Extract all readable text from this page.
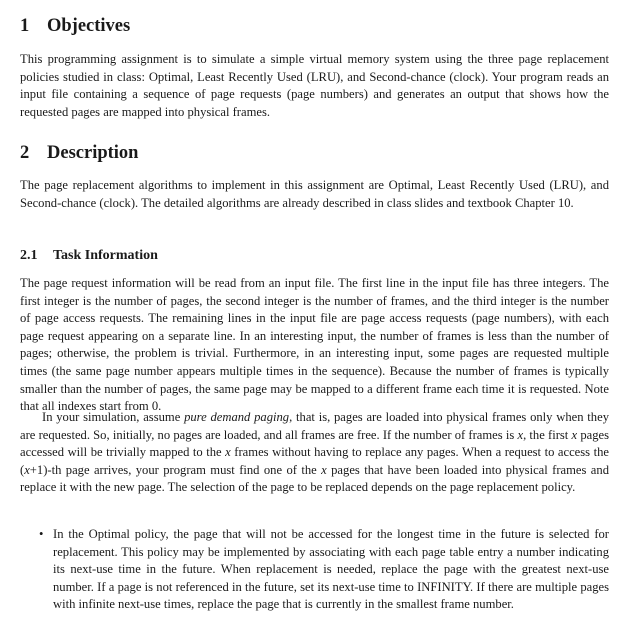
1 Objectives

This programming assignment is to simulate a simple virtual memory system using the three page replacement policies studied in class: Optimal, Least Recently Used (LRU), and Second-chance (clock). Your program reads an input file containing a sequence of page requests (page numbers) and generates an output that shows how the requested pages are mapped into physical frames.

2 Description

The page replacement algorithms to implement in this assignment are Optimal, Least Recently Used (LRU), and Second-chance (clock). The detailed algorithms are already described in class slides and textbook Chapter 10.

2.1	Task Information

The page request information will be read from an input file. The first line in the input file has three integers. The first integer is the number of pages, the second integer is the number of frames, and the third integer is the number of page access requests. The remaining lines in the input file are page access requests (page numbers), with each page request appearing on a separate line. In an interesting input, the number of frames is less than the number of pages; otherwise, the problem is trivial. Furthermore, in an interesting input, some pages are requested multiple times (the same page number appears multiple times in the sequence). Because the number of frames is typically smaller than the number of pages, the same page may be mapped to a different frame each time it is requested. Note that all indexes start from 0.

In your simulation, assume pure demand paging, that is, pages are loaded into physical frames only when they are requested. So, initially, no pages are loaded, and all frames are free. If the number of frames is x, the first x pages accessed will be trivially mapped to the x frames without having to replace any pages. When a request to access the (x+1)-th page arrives, your program must find one of the x pages that have been loaded into physical frames and replace it with the new page. The selection of the page to be replaced depends on the page replacement policy.

• In the Optimal policy, the page that will not be accessed for the longest time in the future is selected for replacement. This policy may be implemented by associating with each page table entry a number indicating its next-use time in the future. When replacement is needed, replace the page with the greatest next-use number. If a page is not referenced in the future, set its next-use time to INFINITY. If there are multiple pages with infinite next-use times, replace the page that is currently in the smallest frame number.
